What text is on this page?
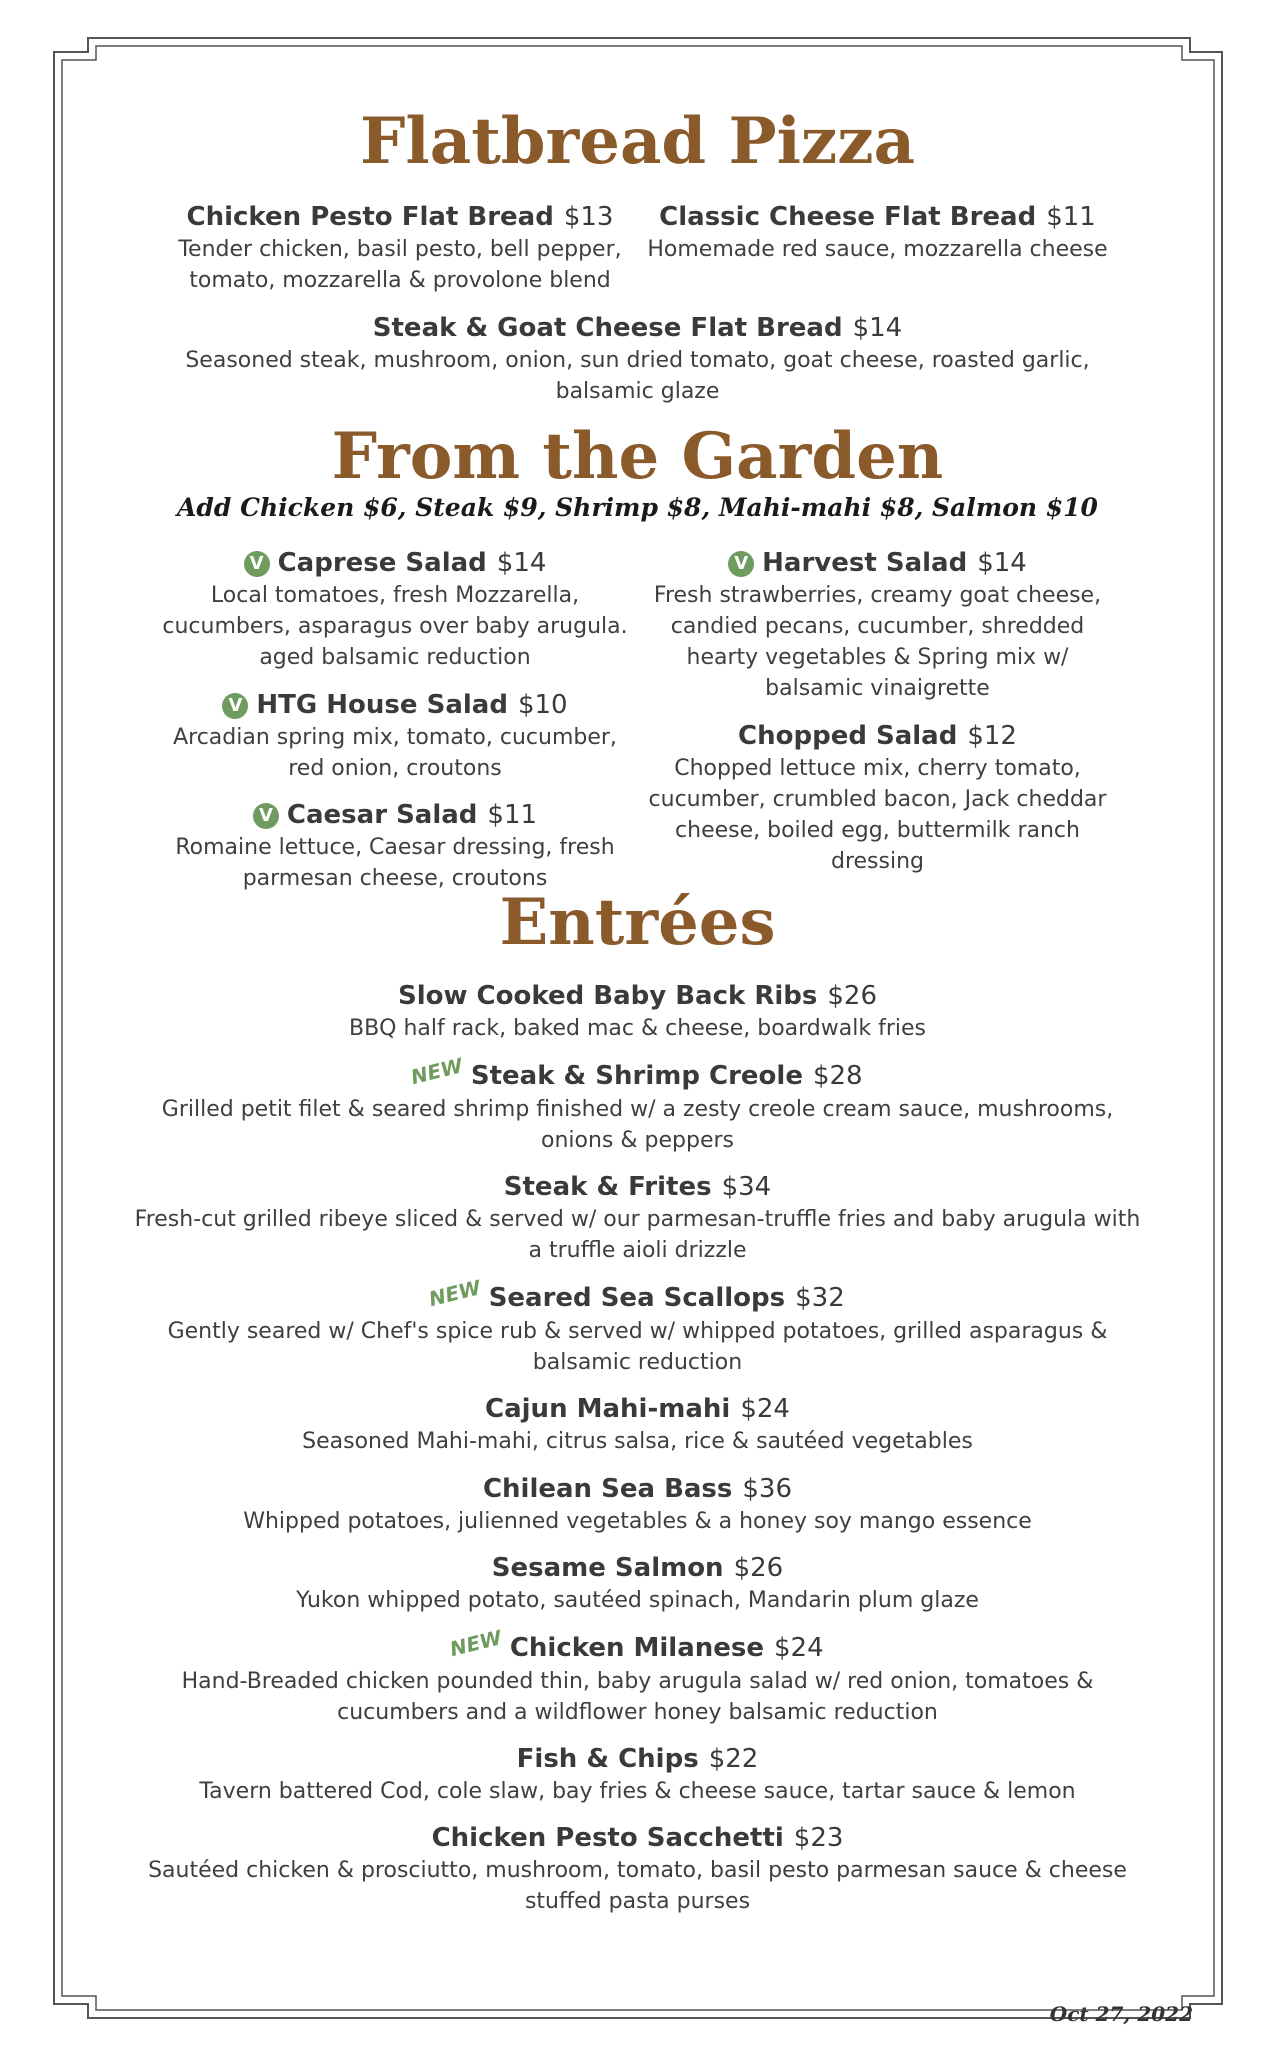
Flatbread Pizza
Chicken Pesto Flat Bread $13
Tender chicken, basil pesto, bell pepper, tomato, mozzarella & provolone blend
Classic Cheese Flat Bread $11
Homemade red sauce, mozzarella cheese
Steak & Goat Cheese Flat Bread $14
Seasoned steak, mushroom, onion, sun dried tomato, goat cheese, roasted garlic, balsamic glaze
From the Garden
Add Chicken $6, Steak $9, Shrimp $8, Mahi-mahi $8, Salmon $10
V Caprese Salad $14
Local tomatoes, fresh Mozzarella, cucumbers, asparagus over baby arugula. aged balsamic reduction
V HTG House Salad $10
Arcadian spring mix, tomato, cucumber, red onion, croutons
V Caesar Salad $11
Romaine lettuce, Caesar dressing, fresh parmesan cheese, croutons
V Harvest Salad $14
Fresh strawberries, creamy goat cheese, candied pecans, cucumber, shredded hearty vegetables & Spring mix w/ balsamic vinaigrette
Chopped Salad $12
Chopped lettuce mix, cherry tomato, cucumber, crumbled bacon, Jack cheddar cheese, boiled egg, buttermilk ranch dressing
Entrées
Slow Cooked Baby Back Ribs $26
BBQ half rack, baked mac & cheese, boardwalk fries
NEW Steak & Shrimp Creole $28
Grilled petit filet & seared shrimp finished w/ a zesty creole cream sauce, mushrooms, onions & peppers
Steak & Frites $34
Fresh-cut grilled ribeye sliced & served w/ our parmesan-truffle fries and baby arugula with a truffle aioli drizzle
NEW Seared Sea Scallops $32
Gently seared w/ Chef's spice rub & served w/ whipped potatoes, grilled asparagus & balsamic reduction
Cajun Mahi-mahi $24
Seasoned Mahi-mahi, citrus salsa, rice & sautéed vegetables
Chilean Sea Bass $36
Whipped potatoes, julienned vegetables & a honey soy mango essence
Sesame Salmon $26
Yukon whipped potato, sautéed spinach, Mandarin plum glaze
NEW Chicken Milanese $24
Hand-Breaded chicken pounded thin, baby arugula salad w/ red onion, tomatoes & cucumbers and a wildflower honey balsamic reduction
Fish & Chips $22
Tavern battered Cod, cole slaw, bay fries & cheese sauce, tartar sauce & lemon
Chicken Pesto Sacchetti $23
Sautéed chicken & prosciutto, mushroom, tomato, basil pesto parmesan sauce & cheese stuffed pasta purses
Oct 27, 2022
